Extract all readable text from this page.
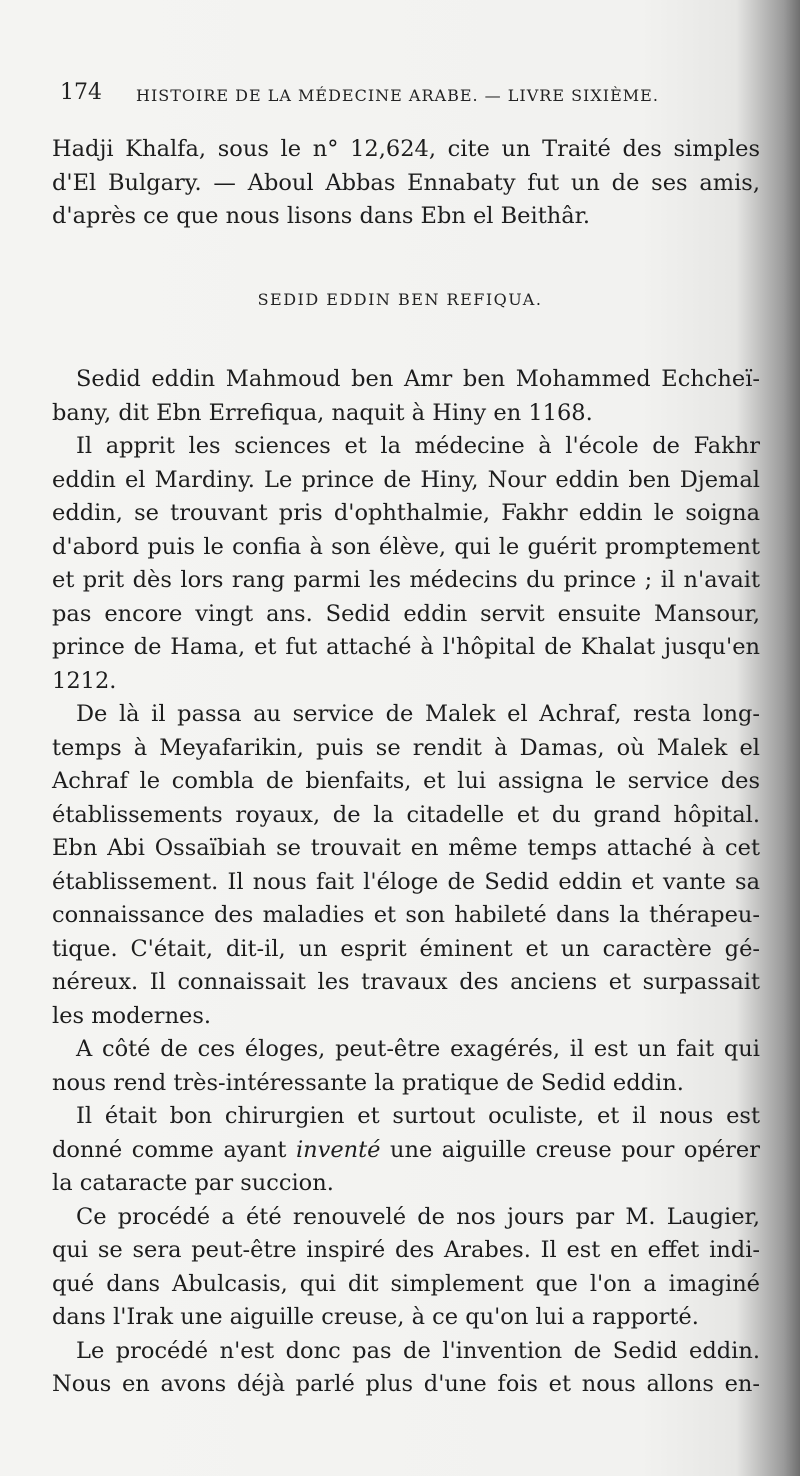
174 HISTOIRE DE LA MÉDECINE ARABE. — LIVRE SIXIÈME.
Hadji Khalfa, sous le n° 12,624, cite un Traité des simples
d'El Bulgary. — Aboul Abbas Ennabaty fut un de ses amis,
d'après ce que nous lisons dans Ebn el Beithâr.
SEDID EDDIN BEN REFIQUA.
Sedid eddin Mahmoud ben Amr ben Mohammed Echcheï-
bany, dit Ebn Errefiqua, naquit à Hiny en 1168.
Il apprit les sciences et la médecine à l'école de Fakhr
eddin el Mardiny. Le prince de Hiny, Nour eddin ben Djemal
eddin, se trouvant pris d'ophthalmie, Fakhr eddin le soigna
d'abord puis le confia à son élève, qui le guérit promptement
et prit dès lors rang parmi les médecins du prince ; il n'avait
pas encore vingt ans. Sedid eddin servit ensuite Mansour,
prince de Hama, et fut attaché à l'hôpital de Khalat jusqu'en
1212.
De là il passa au service de Malek el Achraf, resta long-
temps à Meyafarikin, puis se rendit à Damas, où Malek el
Achraf le combla de bienfaits, et lui assigna le service des
établissements royaux, de la citadelle et du grand hôpital.
Ebn Abi Ossaïbiah se trouvait en même temps attaché à cet
établissement. Il nous fait l'éloge de Sedid eddin et vante sa
connaissance des maladies et son habileté dans la thérapeu-
tique. C'était, dit-il, un esprit éminent et un caractère gé-
néreux. Il connaissait les travaux des anciens et surpassait
les modernes.
A côté de ces éloges, peut-être exagérés, il est un fait qui
nous rend très-intéressante la pratique de Sedid eddin.
Il était bon chirurgien et surtout oculiste, et il nous est
donné comme ayant inventé une aiguille creuse pour opérer
la cataracte par succion.
Ce procédé a été renouvelé de nos jours par M. Laugier,
qui se sera peut-être inspiré des Arabes. Il est en effet indi-
qué dans Abulcasis, qui dit simplement que l'on a imaginé
dans l'Irak une aiguille creuse, à ce qu'on lui a rapporté.
Le procédé n'est donc pas de l'invention de Sedid eddin.
Nous en avons déjà parlé plus d'une fois et nous allons en-
